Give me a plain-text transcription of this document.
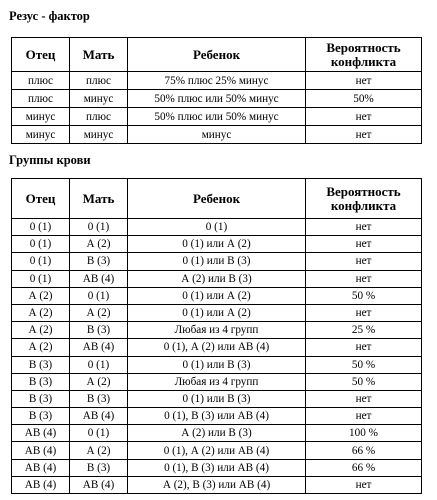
Резус - фактор
Отец	Мать	Ребенок	Вероятность конфликта
плюс	плюс	75% плюс 25% минус	нет
плюс	минус	50% плюс или 50% минус	50%
минус	плюс	50% плюс или 50% минус	нет
минус	минус	минус	нет
Группы крови
Отец	Мать	Ребенок	Вероятность конфликта
0 (1)	0 (1)	0 (1)	нет
0 (1)	А (2)	0 (1) или А (2)	нет
0 (1)	В (3)	0 (1) или В (3)	нет
0 (1)	АВ (4)	А (2) или В (3)	нет
А (2)	0 (1)	0 (1) или А (2)	50 %
А (2)	А (2)	0 (1) или А (2)	нет
А (2)	В (3)	Любая из 4 групп	25 %
А (2)	АВ (4)	0 (1), А (2) или АВ (4)	нет
В (3)	0 (1)	0 (1) или В (3)	50 %
В (3)	А (2)	Любая из 4 групп	50 %
В (3)	В (3)	0 (1) или В (3)	нет
В (3)	АВ (4)	0 (1), В (3) или АВ (4)	нет
АВ (4)	0 (1)	А (2) или В (3)	100 %
АВ (4)	А (2)	0 (1), А (2) или АВ (4)	66 %
АВ (4)	В (3)	0 (1), В (3) или АВ (4)	66 %
АВ (4)	АВ (4)	А (2), В (3) или АВ (4)	нет
